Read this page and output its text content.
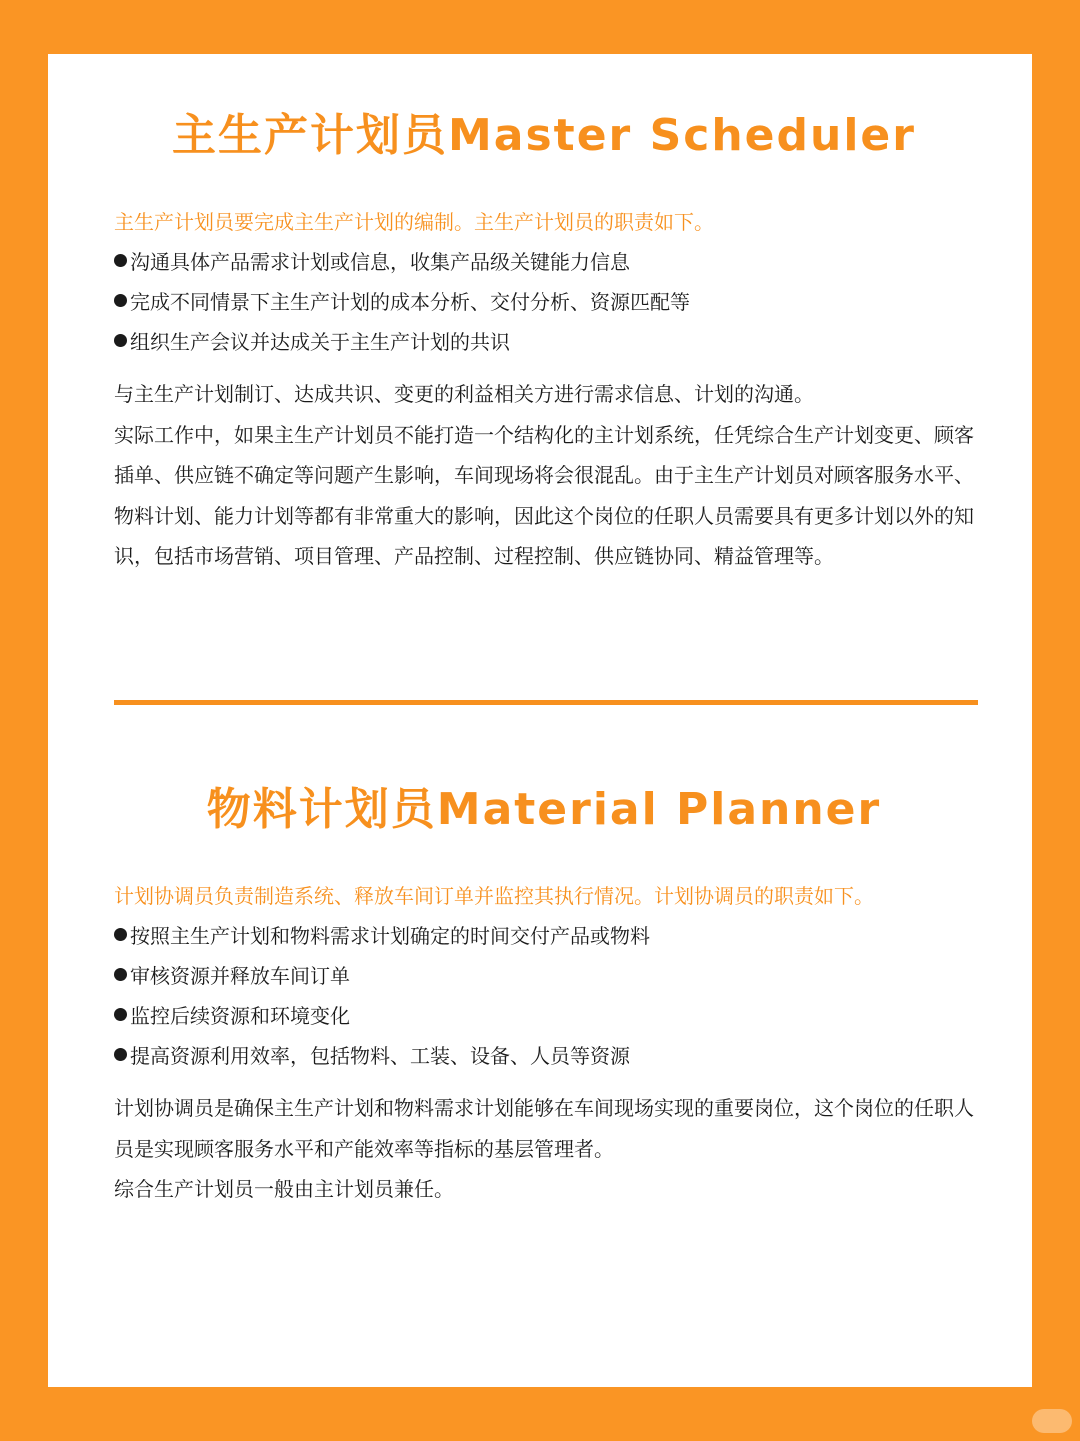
主生产计划员Master Scheduler

主生产计划员要完成主生产计划的编制。主生产计划员的职责如下。

沟通具体产品需求计划或信息，收集产品级关键能力信息
完成不同情景下主生产计划的成本分析、交付分析、资源匹配等
组织生产会议并达成关于主生产计划的共识

与主生产计划制订、达成共识、变更的利益相关方进行需求信息、计划的沟通。

实际工作中，如果主生产计划员不能打造一个结构化的主计划系统，任凭综合生产计划变更、顾客插单、供应链不确定等问题产生影响，车间现场将会很混乱。由于主生产计划员对顾客服务水平、物料计划、能力计划等都有非常重大的影响，因此这个岗位的任职人员需要具有更多计划以外的知识，包括市场营销、项目管理、产品控制、过程控制、供应链协同、精益管理等。

物料计划员Material Planner

计划协调员负责制造系统、释放车间订单并监控其执行情况。计划协调员的职责如下。

按照主生产计划和物料需求计划确定的时间交付产品或物料
审核资源并释放车间订单
监控后续资源和环境变化
提高资源利用效率，包括物料、工装、设备、人员等资源

计划协调员是确保主生产计划和物料需求计划能够在车间现场实现的重要岗位，这个岗位的任职人员是实现顾客服务水平和产能效率等指标的基层管理者。

综合生产计划员一般由主计划员兼任。
